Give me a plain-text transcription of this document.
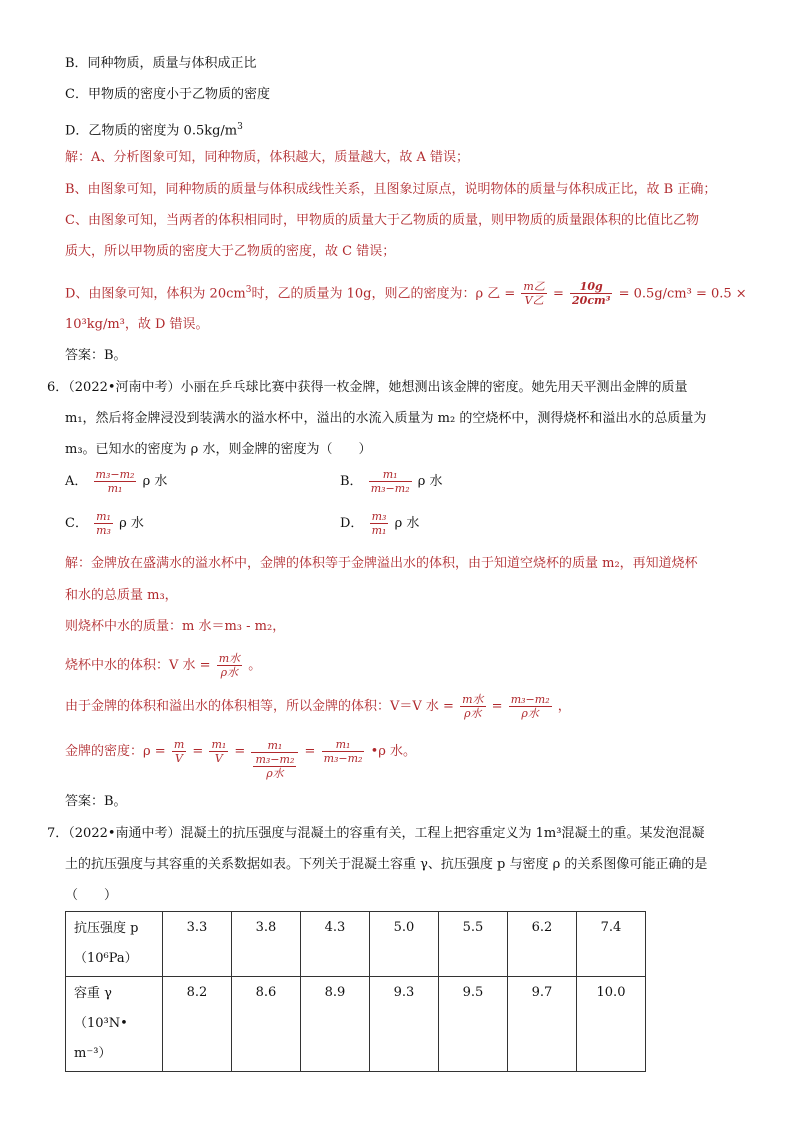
B．同种物质，质量与体积成正比
C．甲物质的密度小于乙物质的密度
D．乙物质的密度为 $0.5kg/m^3$
解：A、分析图象可知，同种物质，体积越大，质量越大，故 A 错误；
B、由图象可知，同种物质的质量与体积成线性关系，且图象过原点，说明物体的质量与体积成正比，故 B 正确；
C、由图象可知，当两者的体积相同时，甲物质的质量大于乙物质的质量，则甲物质的质量跟体积的比值比乙物
质大，所以甲物质的密度大于乙物质的密度，故 C 错误；
D、由图象可知，体积为 $20cm^3$时，乙的质量为 10g，则乙的密度为：ρ 乙 = $\frac{\text{m乙}}{\text{V乙}} = \frac{10g}{\text{20cm³}} = 0.5g/cm^3 = 0.5$ ×
10³kg/m³，故 D 错误。
答案：B。
6．（2022•河南中考）小丽在乒乓球比赛中获得一枚金牌，她想测出该金牌的密度。她先用天平测出金牌的质量
m₁，然后将金牌浸没到装满水的溢水杯中，溢出的水流入质量为 m₂ 的空烧杯中，测得烧杯和溢出水的总质量为
m₃。已知水的密度为 ρ 水，则金牌的密度为（　　）
A． $\frac{\text{m₃−m₂}}{\text{m₁}}$ ρ 水	B． $\frac{\text{m₁}}{\text{m₃−m₂}}$ ρ 水
C． $\frac{\text{m₁}}{\text{m₃}}$ ρ 水	D． $\frac{\text{m₃}}{\text{m₁}}$ ρ 水
解：金牌放在盛满水的溢水杯中，金牌的体积等于金牌溢出水的体积，由于知道空烧杯的质量 m₂，再知道烧杯
和水的总质量 m₃，
则烧杯中水的质量：m 水＝m₃ - m₂，
烧杯中水的体积：V 水 = $\frac{\text{m水}}{\text{ρ水}}$ 。
由于金牌的体积和溢出水的体积相等，所以金牌的体积：V＝V 水 = $\frac{\text{m水}}{\text{ρ水}} = \frac{\text{m₃−m₂}}{\text{ρ水}}$ ，
金牌的密度：$\rho = \frac{m}{V} = \frac{\text{m₁}}{V} = \frac{\text{m₁}}{\frac{\text{m₃−m₂}}{\text{ρ水}}} = \frac{\text{m₁}}{\text{m₃−m₂}}$ •ρ 水。
答案：B。
7．（2022•南通中考）混凝土的抗压强度与混凝土的容重有关，工程上把容重定义为 1m³混凝土的重。某发泡混凝
土的抗压强度与其容重的关系数据如表。下列关于混凝土容重 γ、抗压强度 p 与密度 ρ 的关系图像可能正确的是
（　　）
抗压强度 p
（10⁶Pa）	3.3	3.8	4.3	5.0	5.5	6.2	7.4

容重 γ（10³N•
m⁻³）	8.2	8.6	8.9	9.3	9.5	9.7	10.0
